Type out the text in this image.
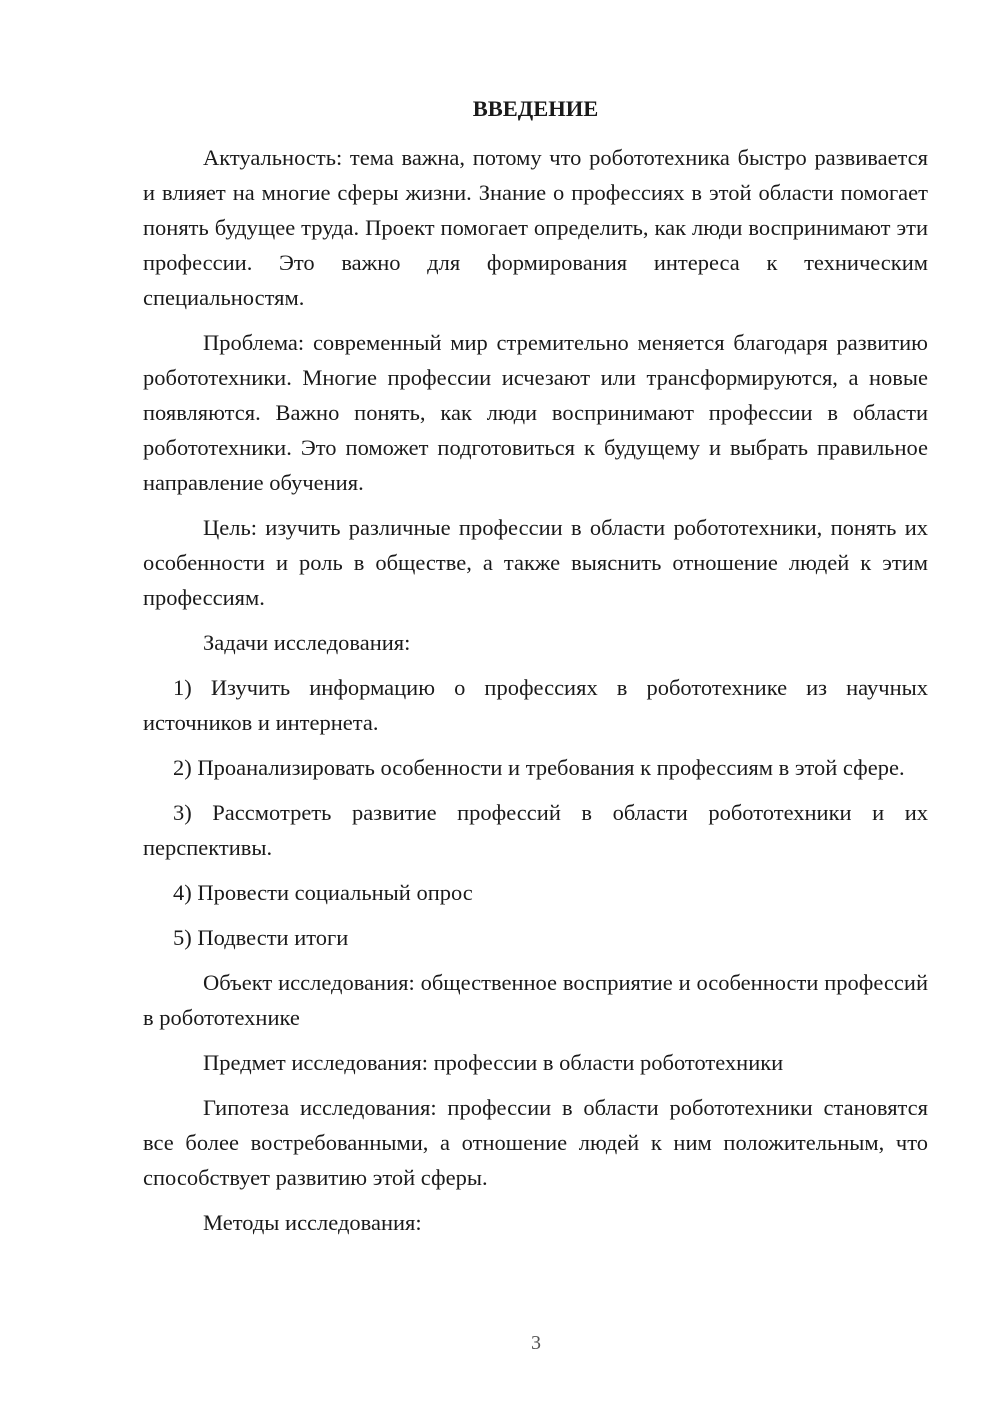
ВВЕДЕНИЕ

Актуальность: тема важна, потому что робототехника быстро развивается и влияет на многие сферы жизни. Знание о профессиях в этой области помогает понять будущее труда. Проект помогает определить, как люди воспринимают эти профессии. Это важно для формирования интереса к техническим специальностям.

Проблема: современный мир стремительно меняется благодаря развитию робототехники. Многие профессии исчезают или трансформируются, а новые появляются. Важно понять, как люди воспринимают профессии в области робототехники. Это поможет подготовиться к будущему и выбрать правильное направление обучения.

Цель: изучить различные профессии в области робототехники, понять их особенности и роль в обществе, а также выяснить отношение людей к этим профессиям.

Задачи исследования:

1) Изучить информацию о профессиях в робототехнике из научных источников и интернета.

2) Проанализировать особенности и требования к профессиям в этой сфере.

3) Рассмотреть развитие профессий в области робототехники и их перспективы.

4) Провести социальный опрос

5) Подвести итоги

Объект исследования: общественное восприятие и особенности профессий в робототехнике

Предмет исследования: профессии в области робототехники

Гипотеза исследования: профессии в области робототехники становятся все более востребованными, а отношение людей к ним положительным, что способствует развитию этой сферы.

Методы исследования:

3
